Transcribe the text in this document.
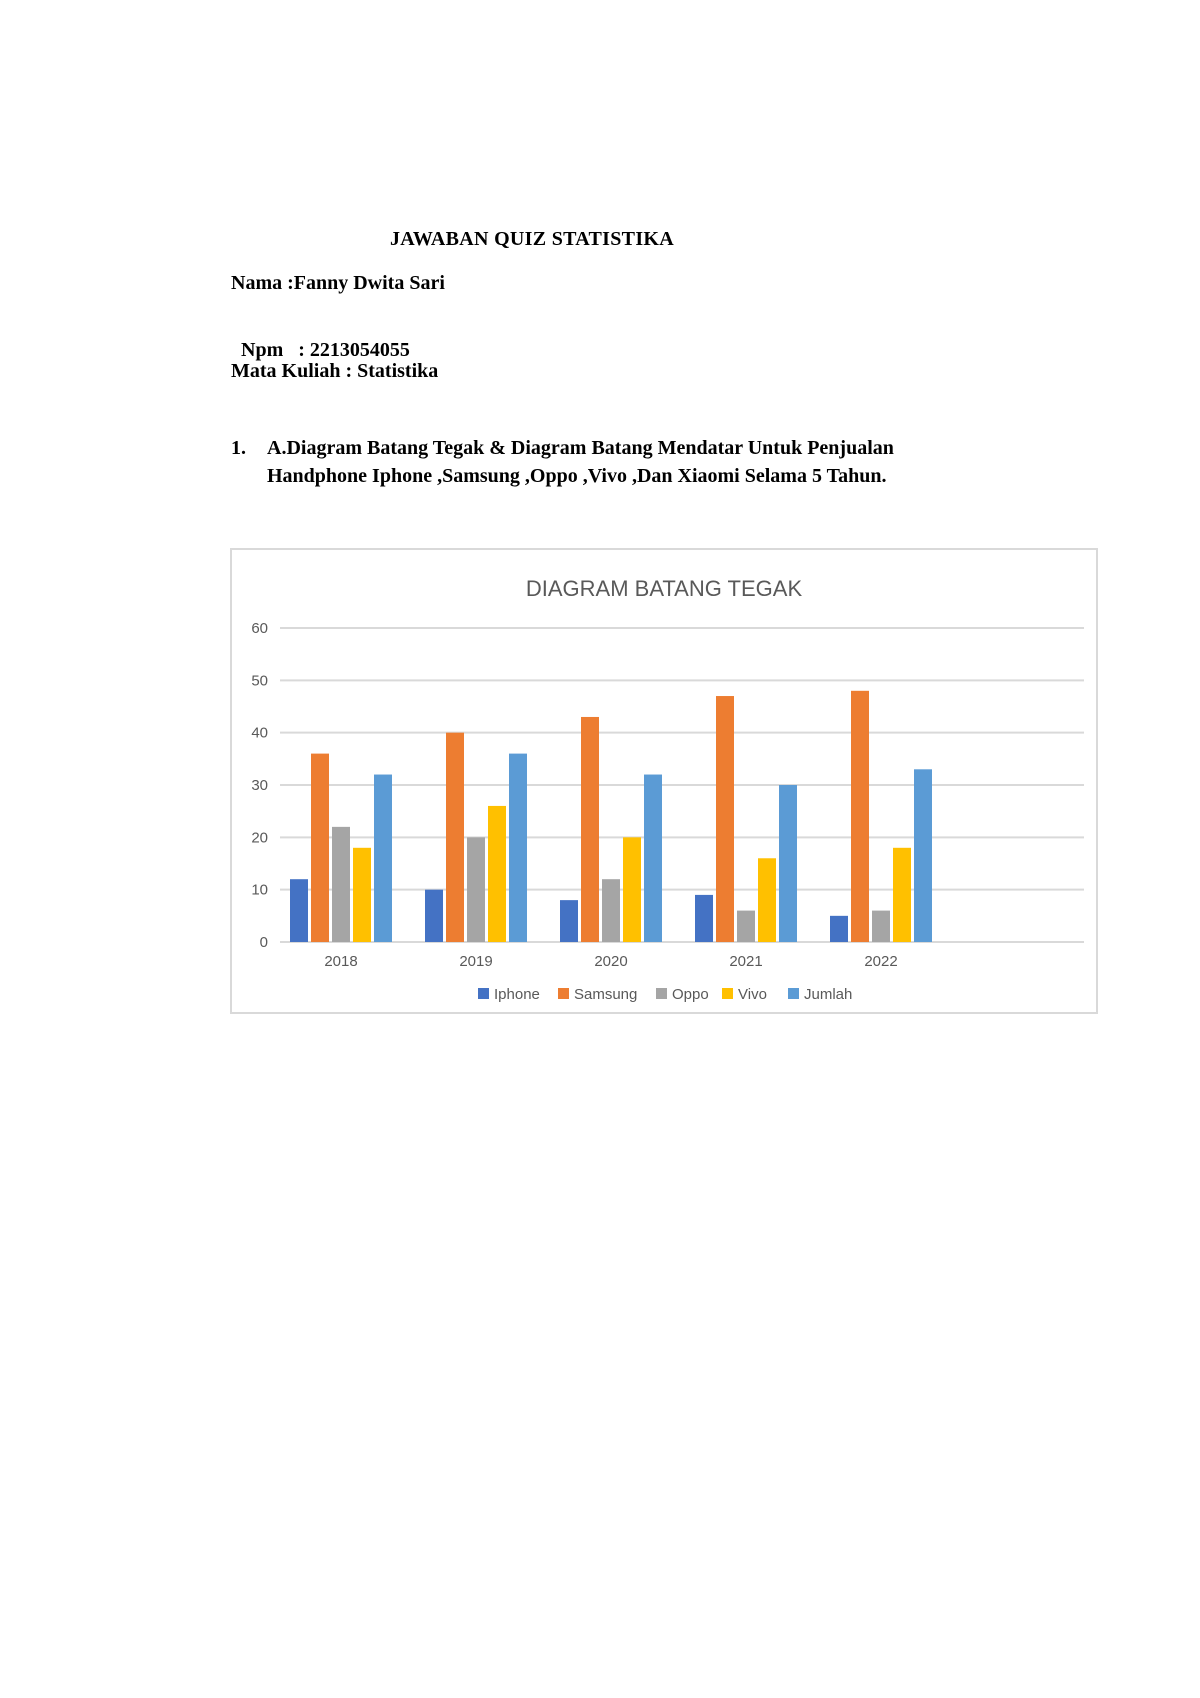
JAWABAN QUIZ STATISTIKA
Nama :Fanny Dwita Sari

Npm   : 2213054055

Mata Kuliah : Statistika
1. A.Diagram Batang Tegak & Diagram Batang Mendatar Untuk Penjualan Handphone Iphone ,Samsung ,Oppo ,Vivo ,Dan Xiaomi Selama 5 Tahun.
DIAGRAM BATANG TEGAK
0
10
20
30
40
50
60
2018	2019	2020	2021	2022
Iphone Samsung Oppo Vivo Jumlah
